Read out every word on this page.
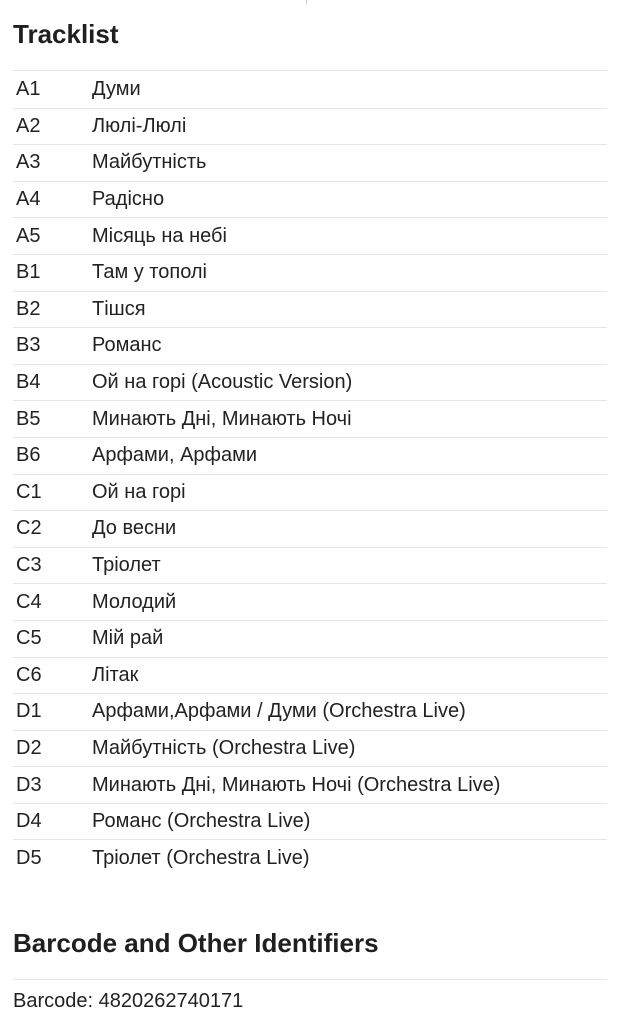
Tracklist
A1	Думи
A2	Люлі-Люлі
A3	Майбутність
A4	Радісно
A5	Місяць на небі
B1	Там у тополі
B2	Тішся
B3	Романс
B4	Ой на горі (Acoustic Version)
B5	Минають Дні, Минають Ночі
B6	Арфами, Арфами
C1	Ой на горі
C2	До весни
C3	Тріолет
C4	Молодий
C5	Мій рай
C6	Літак
D1	Арфами,Арфами / Думи (Orchestra Live)
D2	Майбутність (Orchestra Live)
D3	Минають Дні, Минають Ночі (Orchestra Live)
D4	Романс (Orchestra Live)
D5	Тріолет (Orchestra Live)
Barcode and Other Identifiers
Barcode: 4820262740171
